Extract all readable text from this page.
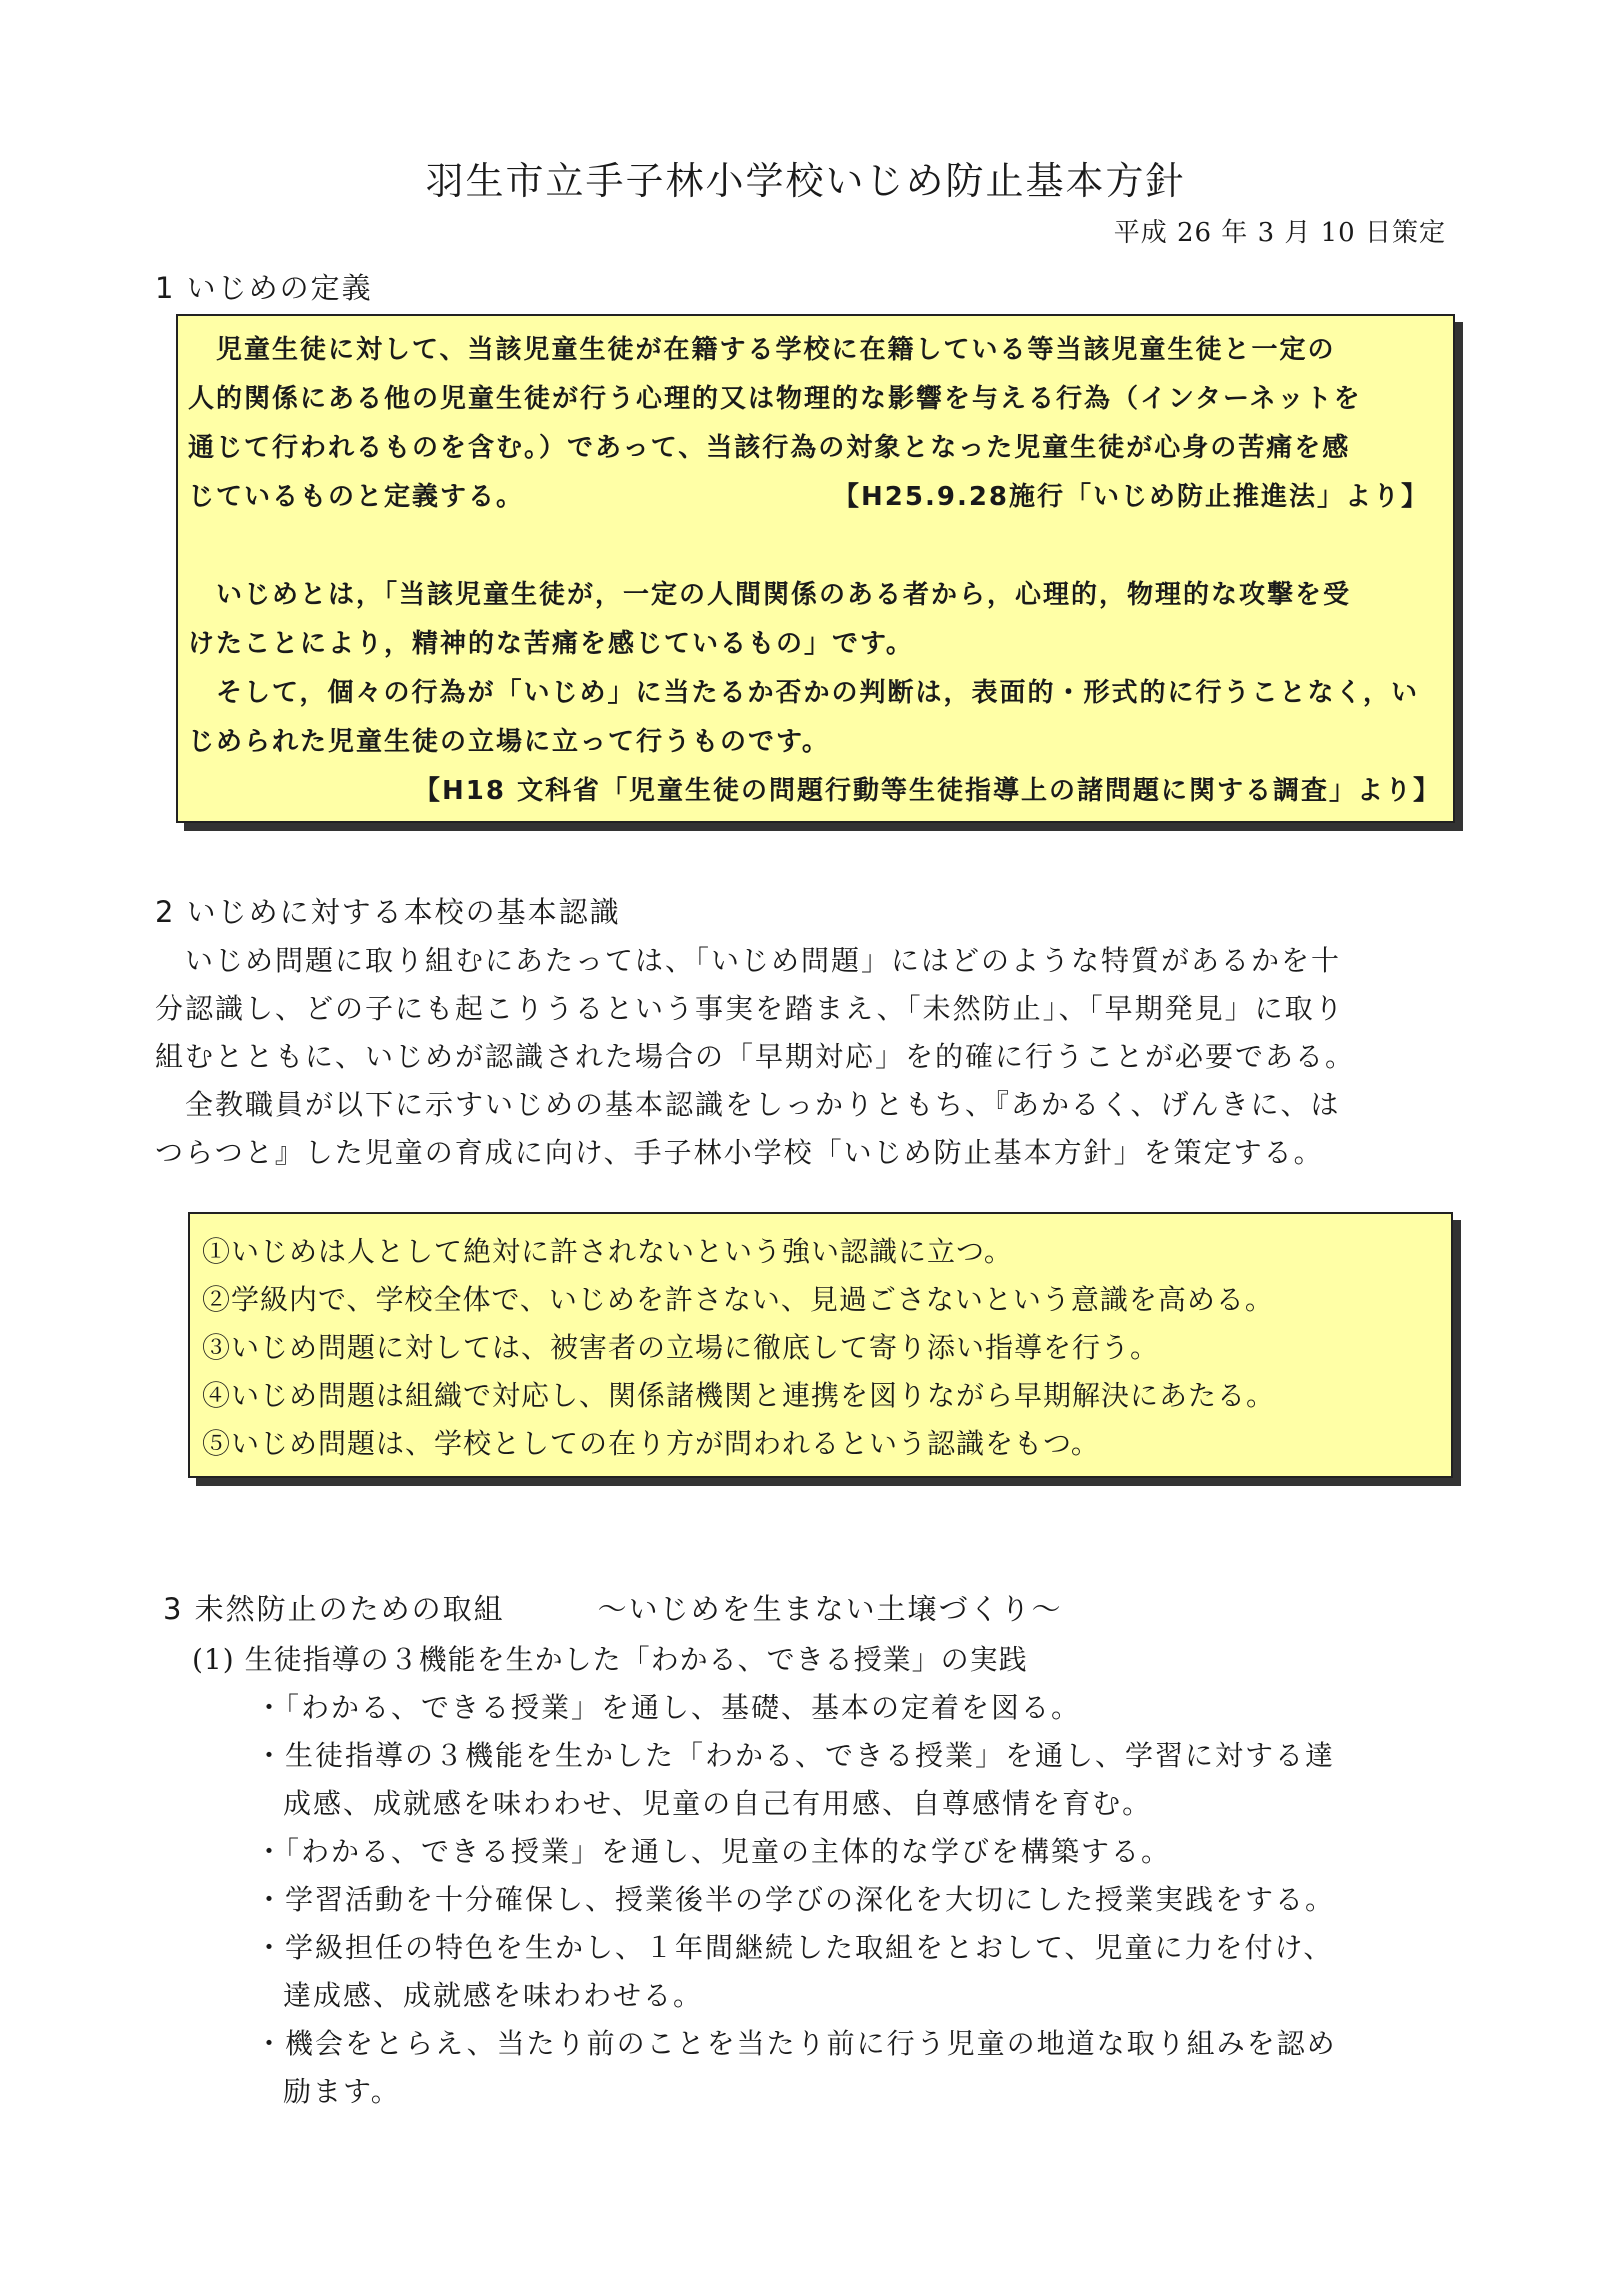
羽生市立手子林小学校いじめ防止基本方針
平成 26 年 3 月 10 日策定
1 いじめの定義

　児童生徒に対して、当該児童生徒が在籍する学校に在籍している等当該児童生徒と一定の

人的関係にある他の児童生徒が行う心理的又は物理的な影響を与える行為（インターネットを

通じて行われるものを含む。）であって、当該行為の対象となった児童生徒が心身の苦痛を感

じているものと定義する。	【H25.9.28施行「いじめ防止推進法」より】

　いじめとは，「当該児童生徒が，一定の人間関係のある者から，心理的，物理的な攻撃を受

けたことにより，精神的な苦痛を感じているもの」です。

　そして，個々の行為が「いじめ」に当たるか否かの判断は，表面的・形式的に行うことなく，い

じめられた児童生徒の立場に立って行うものです。

【H18 文科省「児童生徒の問題行動等生徒指導上の諸問題に関する調査」より】

2 いじめに対する本校の基本認識

　いじめ問題に取り組むにあたっては、「いじめ問題」にはどのような特質があるかを十

分認識し、どの子にも起こりうるという事実を踏まえ、「未然防止」、「早期発見」に取り

組むとともに、いじめが認識された場合の「早期対応」を的確に行うことが必要である。

　全教職員が以下に示すいじめの基本認識をしっかりともち、『あかるく、げんきに、は

つらつと』した児童の育成に向け、手子林小学校「いじめ防止基本方針」を策定する。

①いじめは人として絶対に許されないという強い認識に立つ。

②学級内で、学校全体で、いじめを許さない、見過ごさないという意識を高める。

③いじめ問題に対しては、被害者の立場に徹底して寄り添い指導を行う。

④いじめ問題は組織で対応し、関係諸機関と連携を図りながら早期解決にあたる。

⑤いじめ問題は、学校としての在り方が問われるという認識をもつ。

3 未然防止のための取組　　　～いじめを生まない土壌づくり～
(1) 生徒指導の３機能を生かした「わかる、できる授業」の実践

・「わかる、できる授業」を通し、基礎、基本の定着を図る。

・生徒指導の３機能を生かした「わかる、できる授業」を通し、学習に対する達

成感、成就感を味わわせ、児童の自己有用感、自尊感情を育む。

・「わかる、できる授業」を通し、児童の主体的な学びを構築する。

・学習活動を十分確保し、授業後半の学びの深化を大切にした授業実践をする。

・学級担任の特色を生かし、１年間継続した取組をとおして、児童に力を付け、

達成感、成就感を味わわせる。

・機会をとらえ、当たり前のことを当たり前に行う児童の地道な取り組みを認め

励ます。
